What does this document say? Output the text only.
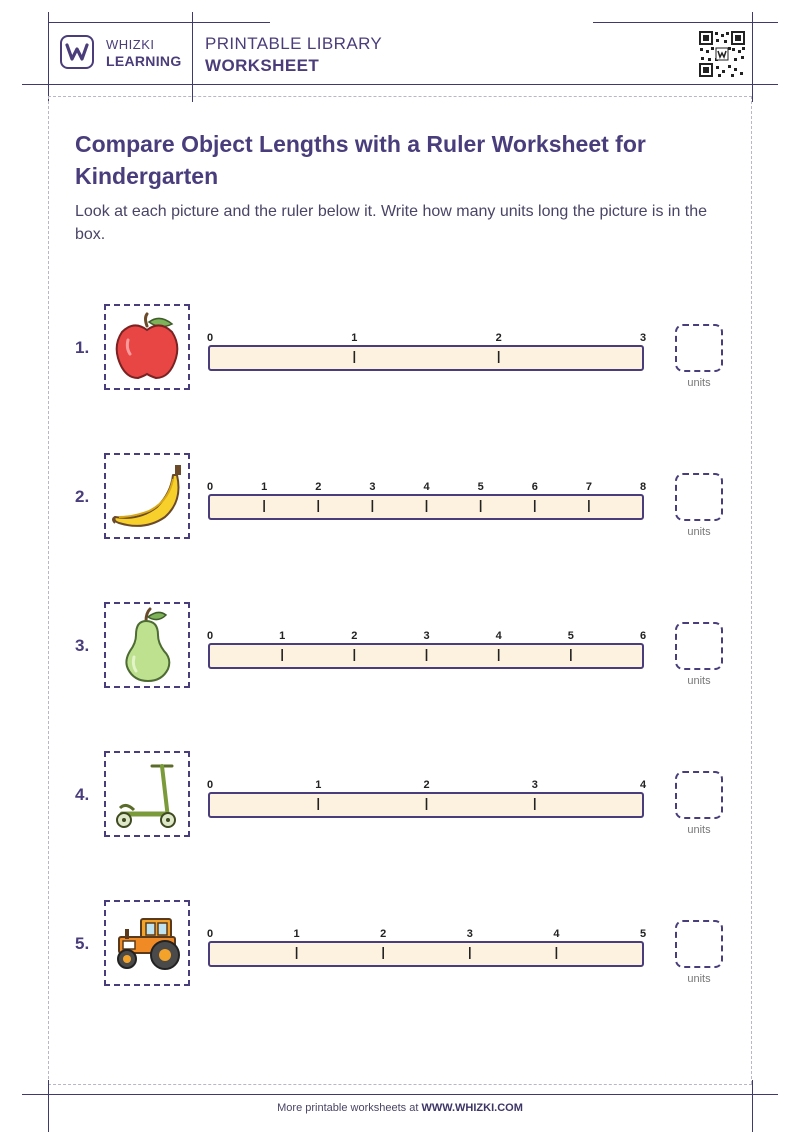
WHIZKI
LEARNING
PRINTABLE LIBRARY
WORKSHEET
Compare Object Lengths with a Ruler Worksheet for Kindergarten

Look at each picture and the ruler below it. Write how many units long the picture is in the box.

1.	0	1	2	3
units
2.	0	1	2	3	4	5	6	7	8
units
3.	0	1	2	3	4	5	6
units
4.	0	1	2	3	4
units
5.	0	1	2	3	4	5
units
More printable worksheets at WWW.WHIZKI.COM
